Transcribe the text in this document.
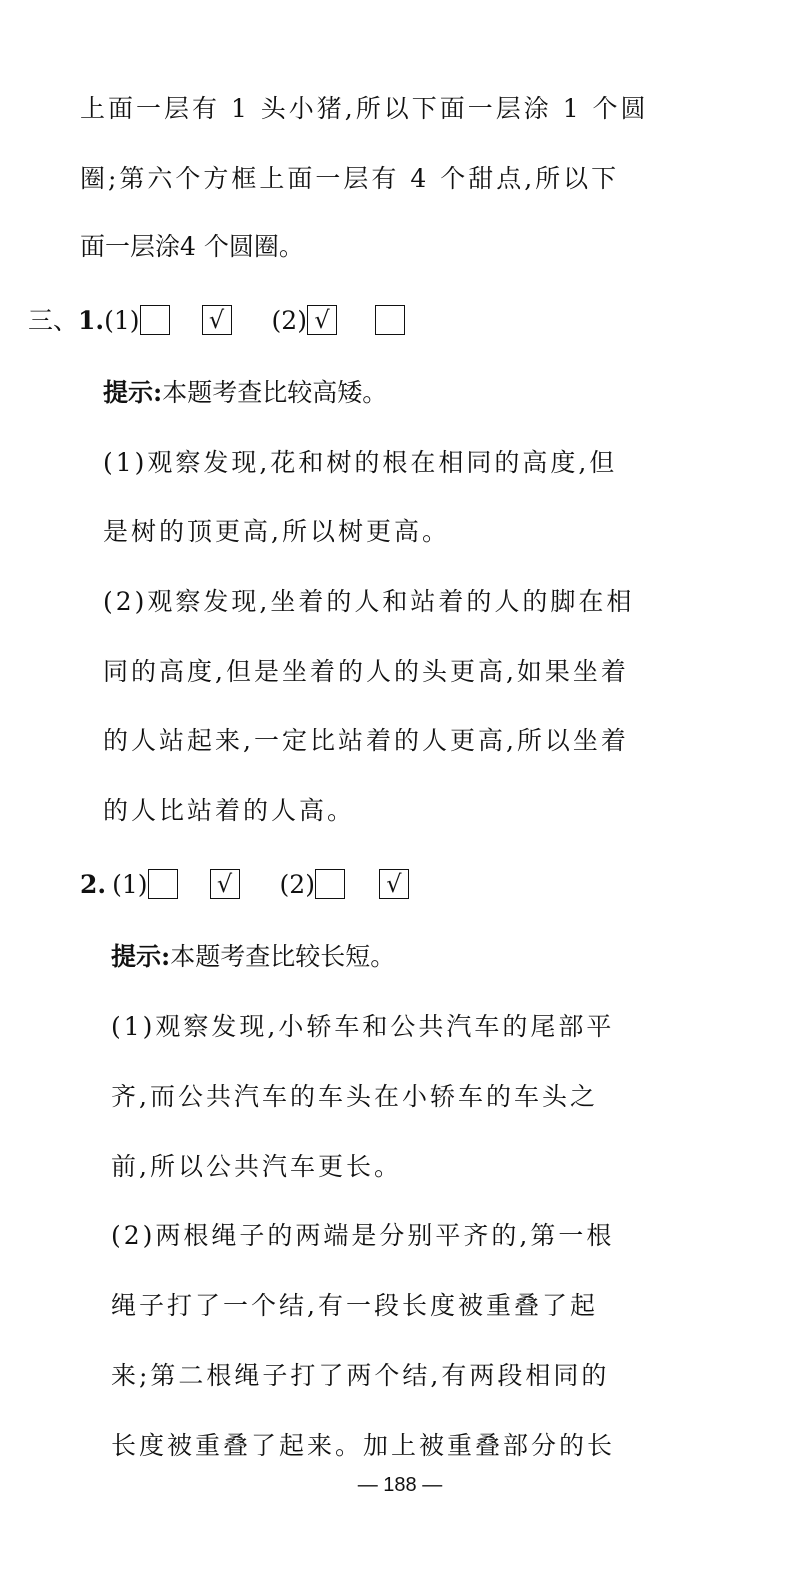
上面一层有 1 头小猪,所以下面一层涂 1 个圆
圈;第六个方框上面一层有 4 个甜点,所以下
面一层涂4 个圆圈。
三、1.(1)	√ (2) √
提示:本题考查比较高矮。
(1)观察发现,花和树的根在相同的高度,但
是树的顶更高,所以树更高。
(2)观察发现,坐着的人和站着的人的脚在相
同的高度,但是坐着的人的头更高,如果坐着
的人站起来,一定比站着的人更高,所以坐着
的人比站着的人高。
2. (1)	√ (2)	√
提示:本题考查比较长短。
(1)观察发现,小轿车和公共汽车的尾部平
齐,而公共汽车的车头在小轿车的车头之
前,所以公共汽车更长。
(2)两根绳子的两端是分别平齐的,第一根
绳子打了一个结,有一段长度被重叠了起
来;第二根绳子打了两个结,有两段相同的
长度被重叠了起来。加上被重叠部分的长
— 188 —
